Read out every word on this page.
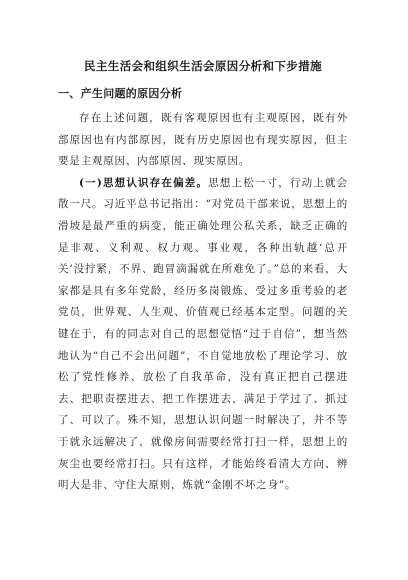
民主生活会和组织生活会原因分析和下步措施
一、产生问题的原因分析

存在上述问题，既有客观原因也有主观原因，既有外部原因也有内部原因，既有历史原因也有现实原因，但主要是主观原因、内部原因、现实原因。

(一)思想认识存在偏差。思想上松一寸，行动上就会散一尺。习近平总书记指出：“对党员干部来说，思想上的滑坡是最严重的病变，能正确处理公私关系，缺乏正确的是非观、义利观、权力观、事业观，各种出轨越‘总开关’没拧紧，不界、跑冒滴漏就在所难免了。”总的来看，大家都是具有多年党龄，经历多岗锻炼、受过多重考验的老党员，世界观、人生观、价值观已经基本定型。问题的关键在于，有的同志对自己的思想觉悟“过于自信”，想当然地认为“自己不会出问题”，不自觉地放松了理论学习、放松了党性修养、放松了自我革命，没有真正把自己摆进去、把职责摆进去、把工作摆进去，满足于学过了、抓过了、可以了。殊不知，思想认识问题一时解决了，并不等于就永远解决了，就像房间需要经常打扫一样，思想上的灰尘也要经常打扫。只有这样，才能始终看清大方向、辨明大是非、守住大原则，炼就“金刚不坏之身”。
